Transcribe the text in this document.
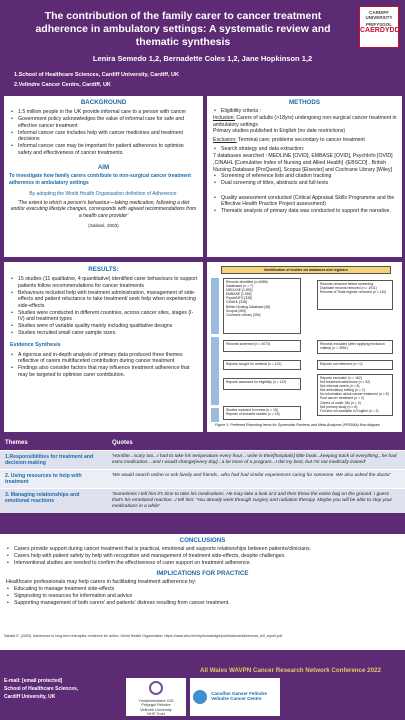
The contribution of the family carer to cancer treatment adherence in ambulatory settings: A systematic review and thematic synthesis
CARDIFF
UNIVERSITY
PRIFYSGOL
CAERDYDD
Lenira Semedo 1,2, Bernadette Coles 1,2, Jane Hopkinson 1,2
1.School of Healthcare Sciences, Cardiff University, Cardiff, UK
2.Velindre Cancer Centre, Cardiff, UK
BACKGROUND
• 1.5 million people in the UK provide informal care to a person with cancer
• Government policy acknowledges the value of informal care for safe and effective cancer treatment
• Informal cancer care includes help with cancer medicines and treatment decisions
• Informal cancer care may be important for patient adherence to optimise safety and effectiveness of cancer treatments.
AIM
To investigate how family carers contribute to non-surgical cancer treatment adherence in ambulatory settings
By adopting the World Health Organisation definition of Adherence:
'The extent to which a person's behaviour—taking medication, following a diet and/or executing lifestyle changes, corresponds with agreed recommendations from a health care provider'
(Sabaté, 2003)
METHODS
• Eligibility criteria :
Inclusion: Carers of adults (>18yrs) undergoing non-surgical cancer treatment in ambulatory settings
Primary studies published in English (no date restrictions)
Exclusion: Terminal care; problems secondary to cancer treatment
• Search strategy and data extraction:
7 databases searched : MEDLINE [OVID], EMBASE [OVID], PsychInfo [OVID] ,CINAHL [Cumulative Index of Nursing and Allied Health] -[EBSCO] , British Nursing Database [ProQuest], Scopus [Elsevier] and Cochrane Library [Wiley]
• Screening of reference lists and citation tracking
• Dual screening of titles, abstracts and full-texts
• Quality assessment conducted (Critical Appraisal Skills Programme and the Effective Health Practice Project assessment)
• Thematic analysis of primary data was conducted to support the narrative.
RESULTS:
• 15 studies (11 qualitative, 4 quantitative) identified carer behaviours to support patients follow recommendations for cancer treatments
• Behaviours included help with treatment administration, management of side-effects and patient reluctance to take treatment/ seek help when experiencing side-effects
• Studies were conducted in different countries, across cancer sites, stages (I-IV) and treatment types
• Studies were of variable quality mainly including qualitative designs
• Studies recruited small carer sample sizes.
Evidence Synthesis
• A rigorous and in-depth analysis of primary data produced three themes reflective of carers multifaceted contribution during cancer treatment
• Findings also consider factors that may influence treatment adherence that may be targeted to optimise carer contribution.
Identification of studies via databases and registers
Records identified (n=6086)
Databases (n = 7)
MEDLINE [1,893]
EMBASE [1,959]
PsychINFO [338]
CINAHL [338]
British Nursing Database [48]
Scopus [283]
Cochrane Library [394]
Records removed before screening:
Duplicate records removed (n = 1911)
Records of Trials register removed (n = 110)
Records screened (n = 4073)	Records excluded (after applying exclusion criteria) (n = 3951)
Reports sought for retrieval (n = 122)	Reports not retrieved (n = 0)
Reports assessed for eligibility (n = 122)
Reports excluded: (n = 162)
Not treatment adherence (n = 52)
Not informal carers (n = 8)
Not ambulatory setting (n = 2)
No information about cancer treatment (n = 8)
Post cancer treatment (n = 2)
Carers of under 18s (n = 4)
Not primary study (n = 6)
Full-text not available in English (n = 2)
Studies included in review (n = 15)
Reports of included studies (n = 15)
Figure 1: Preferred Reporting Items for Systematic Reviews and Meta-Analyses (PRISMA) flow diagram
Themes	Quotes
1.Responsibilities for treatment and decision-making	'Horrible...scary too...I had to take his temperature every hour... write in their[hospitals] little book...keeping track of everything...he had extra medication....and I would change[every day]...a lot more of a program...I did my best, but I'm not medically trained'
2. Using resources to help with treatment	'We would search online or ask family and friends...who had had similar experiences caring for someone. We also asked the doctor'
3. Managing relationships and emotional reactions	'Sometimes I tell him it's time to take his medications. He may take a look at it and then throw the entire bag on the ground. I guess that's his emotional reaction...I tell him: 'You already went through surgery and radiation therapy. Maybe you will be able to stop your medications in a while'
CONCLUSIONS
• Carers provide support during cancer treatment that is practical, emotional and supports relationships between patients/clinicians.
• Carers help with patient safety by help with recognition and management of treatment side-effects, despite challenges.
• Interventional studies are needed to confirm the effectiveness of carer support on treatment adherence.
IMPLICATIONS FOR PRACTICE
Healthcare professionals may help carers in facilitating treatment adherence by:
• Educating to manage treatment side-effects
• Signposting to resources for information and advice
• Supporting management of both carers' and patients' distress resulting from cancer treatment.
Sabaté E. (2003). Adherence to long-term therapies: evidence for action. World Health Organization. https://www.who.int/chp/knowledge/publications/adherence_full_report.pdf
E-mail: [email protected]
School of Healthcare Sciences,
Cardiff University, UK
All Wales WAVPN Cancer Research Network Conference 2022
Ymddiriedolaeth GIG
Prifysgol Felindre
Velindre University
NHS Trust

Canolfan Ganser Felindre
Velindre Cancer Centre
